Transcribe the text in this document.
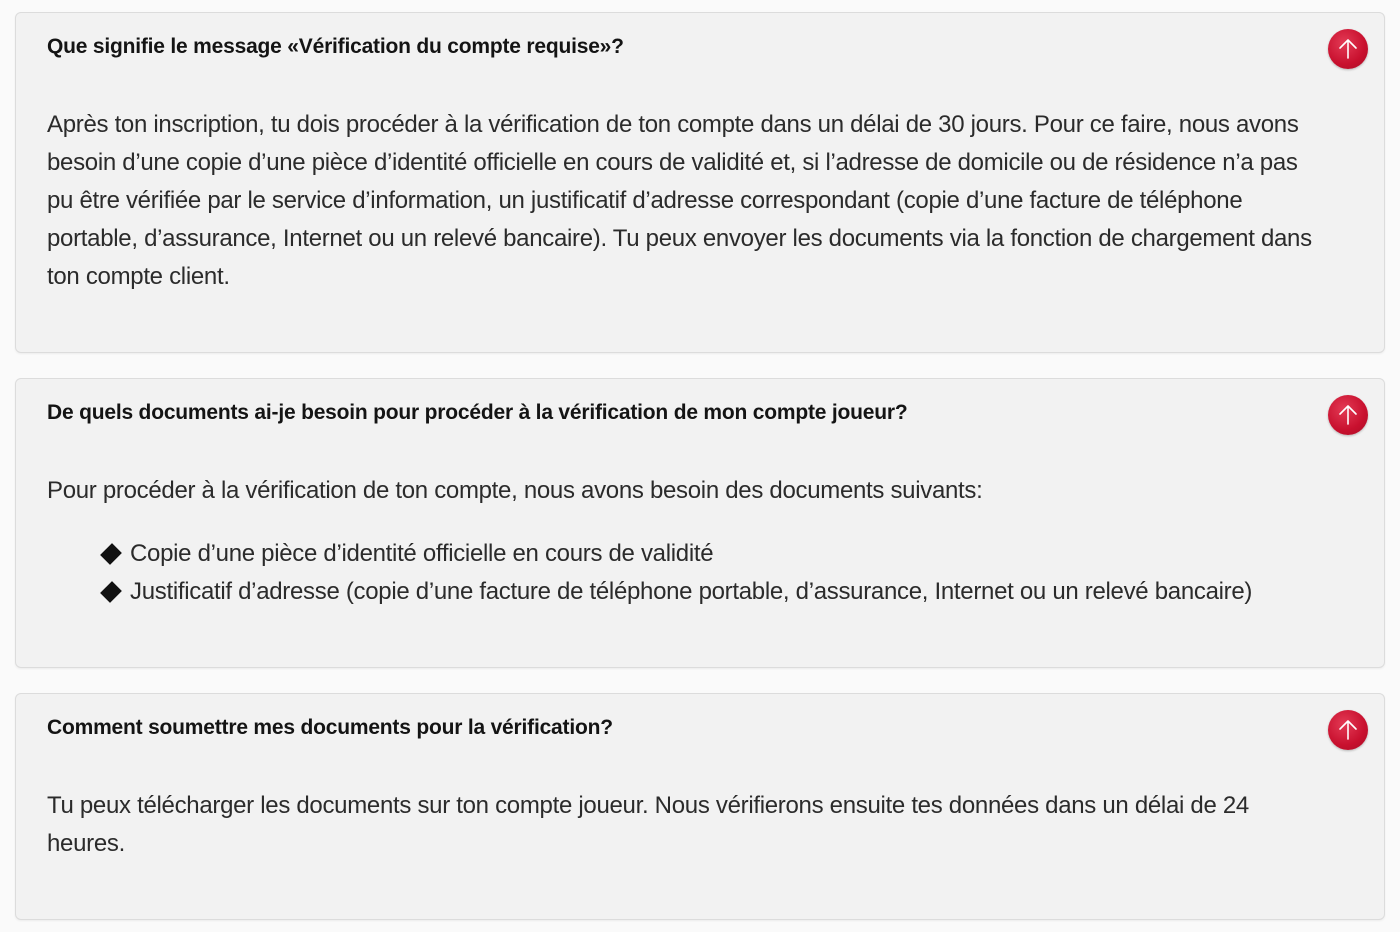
Que signifie le message «Vérification du compte requise»?

Après ton inscription, tu dois procéder à la vérification de ton compte dans un délai de 30 jours. Pour ce faire, nous avons besoin d’une copie d’une pièce d’identité officielle en cours de validité et, si l’adresse de domicile ou de résidence n’a pas pu être vérifiée par le service d’information, un justificatif d’adresse correspondant (copie d’une facture de téléphone portable, d’assurance, Internet ou un relevé bancaire). Tu peux envoyer les documents via la fonction de chargement dans ton compte client.

De quels documents ai-je besoin pour procéder à la vérification de mon compte joueur?

Pour procéder à la vérification de ton compte, nous avons besoin des documents suivants:

Copie d’une pièce d’identité officielle en cours de validité
Justificatif d’adresse (copie d’une facture de téléphone portable, d’assurance, Internet ou un relevé bancaire)
Comment soumettre mes documents pour la vérification?

Tu peux télécharger les documents sur ton compte joueur. Nous vérifierons ensuite tes données dans un délai de 24 heures.
